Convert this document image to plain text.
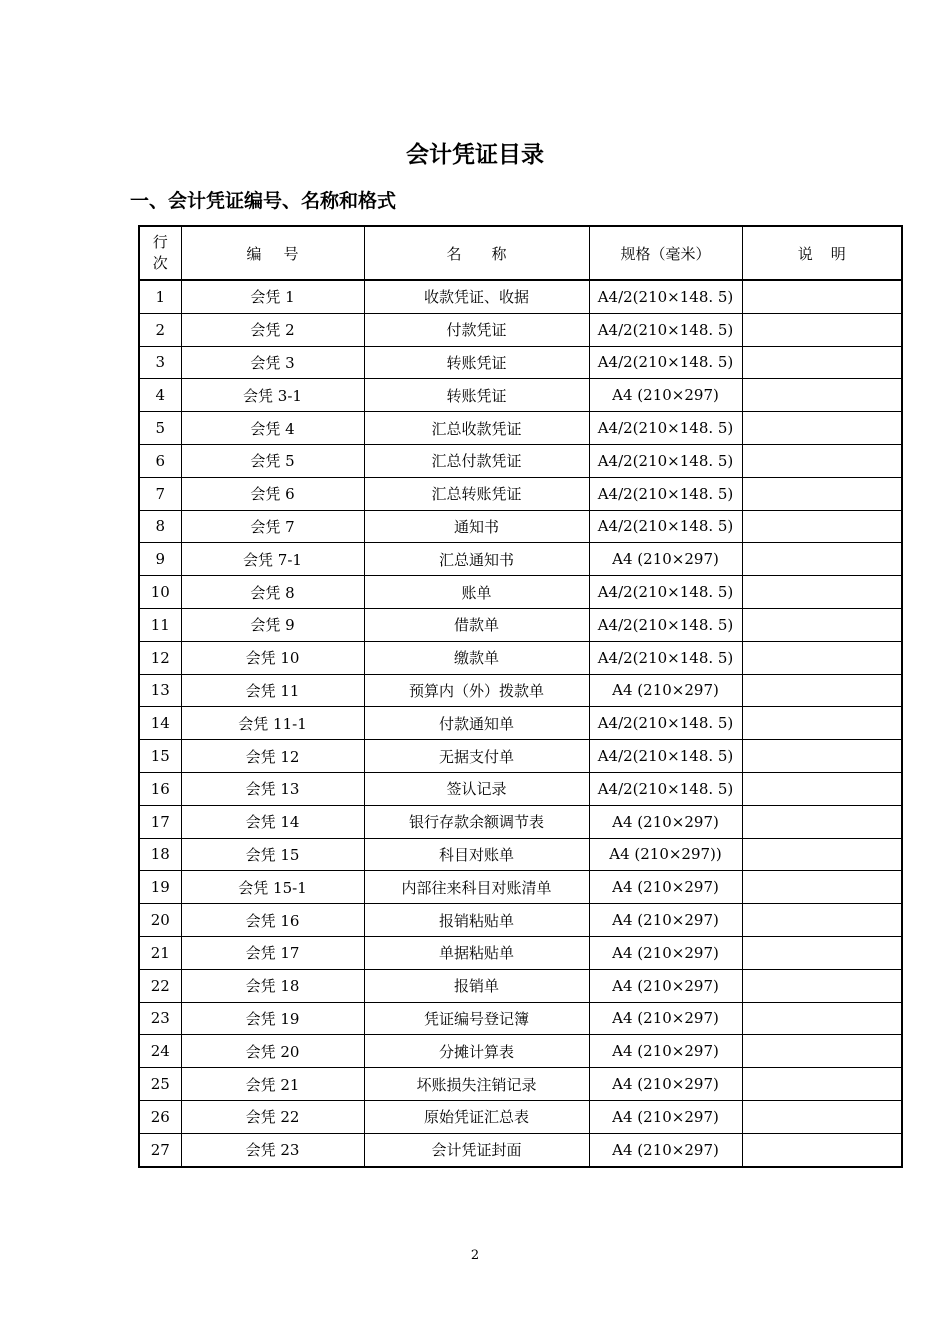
会计凭证目录
一、会计凭证编号、名称和格式
行
次	编 号	名 称	规格（毫米）	说 明
1	会凭 1	收款凭证、收据	A4/2(210×148. 5)	
2	会凭 2	付款凭证	A4/2(210×148. 5)	
3	会凭 3	转账凭证	A4/2(210×148. 5)	
4	会凭 3-1	转账凭证	A4 (210×297)	
5	会凭 4	汇总收款凭证	A4/2(210×148. 5)	
6	会凭 5	汇总付款凭证	A4/2(210×148. 5)	
7	会凭 6	汇总转账凭证	A4/2(210×148. 5)	
8	会凭 7	通知书	A4/2(210×148. 5)	
9	会凭 7-1	汇总通知书	A4 (210×297)	
10	会凭 8	账单	A4/2(210×148. 5)	
11	会凭 9	借款单	A4/2(210×148. 5)	
12	会凭 10	缴款单	A4/2(210×148. 5)	
13	会凭 11	预算内（外）拨款单	A4 (210×297)	
14	会凭 11-1	付款通知单	A4/2(210×148. 5)	
15	会凭 12	无据支付单	A4/2(210×148. 5)	
16	会凭 13	签认记录	A4/2(210×148. 5)	
17	会凭 14	银行存款余额调节表	A4 (210×297)	
18	会凭 15	科目对账单	A4 (210×297))	
19	会凭 15-1	内部往来科目对账清单	A4 (210×297)	
20	会凭 16	报销粘贴单	A4 (210×297)	
21	会凭 17	单据粘贴单	A4 (210×297)	
22	会凭 18	报销单	A4 (210×297)	
23	会凭 19	凭证编号登记簿	A4 (210×297)	
24	会凭 20	分摊计算表	A4 (210×297)	
25	会凭 21	坏账损失注销记录	A4 (210×297)	
26	会凭 22	原始凭证汇总表	A4 (210×297)	
27	会凭 23	会计凭证封面	A4 (210×297)	
2
